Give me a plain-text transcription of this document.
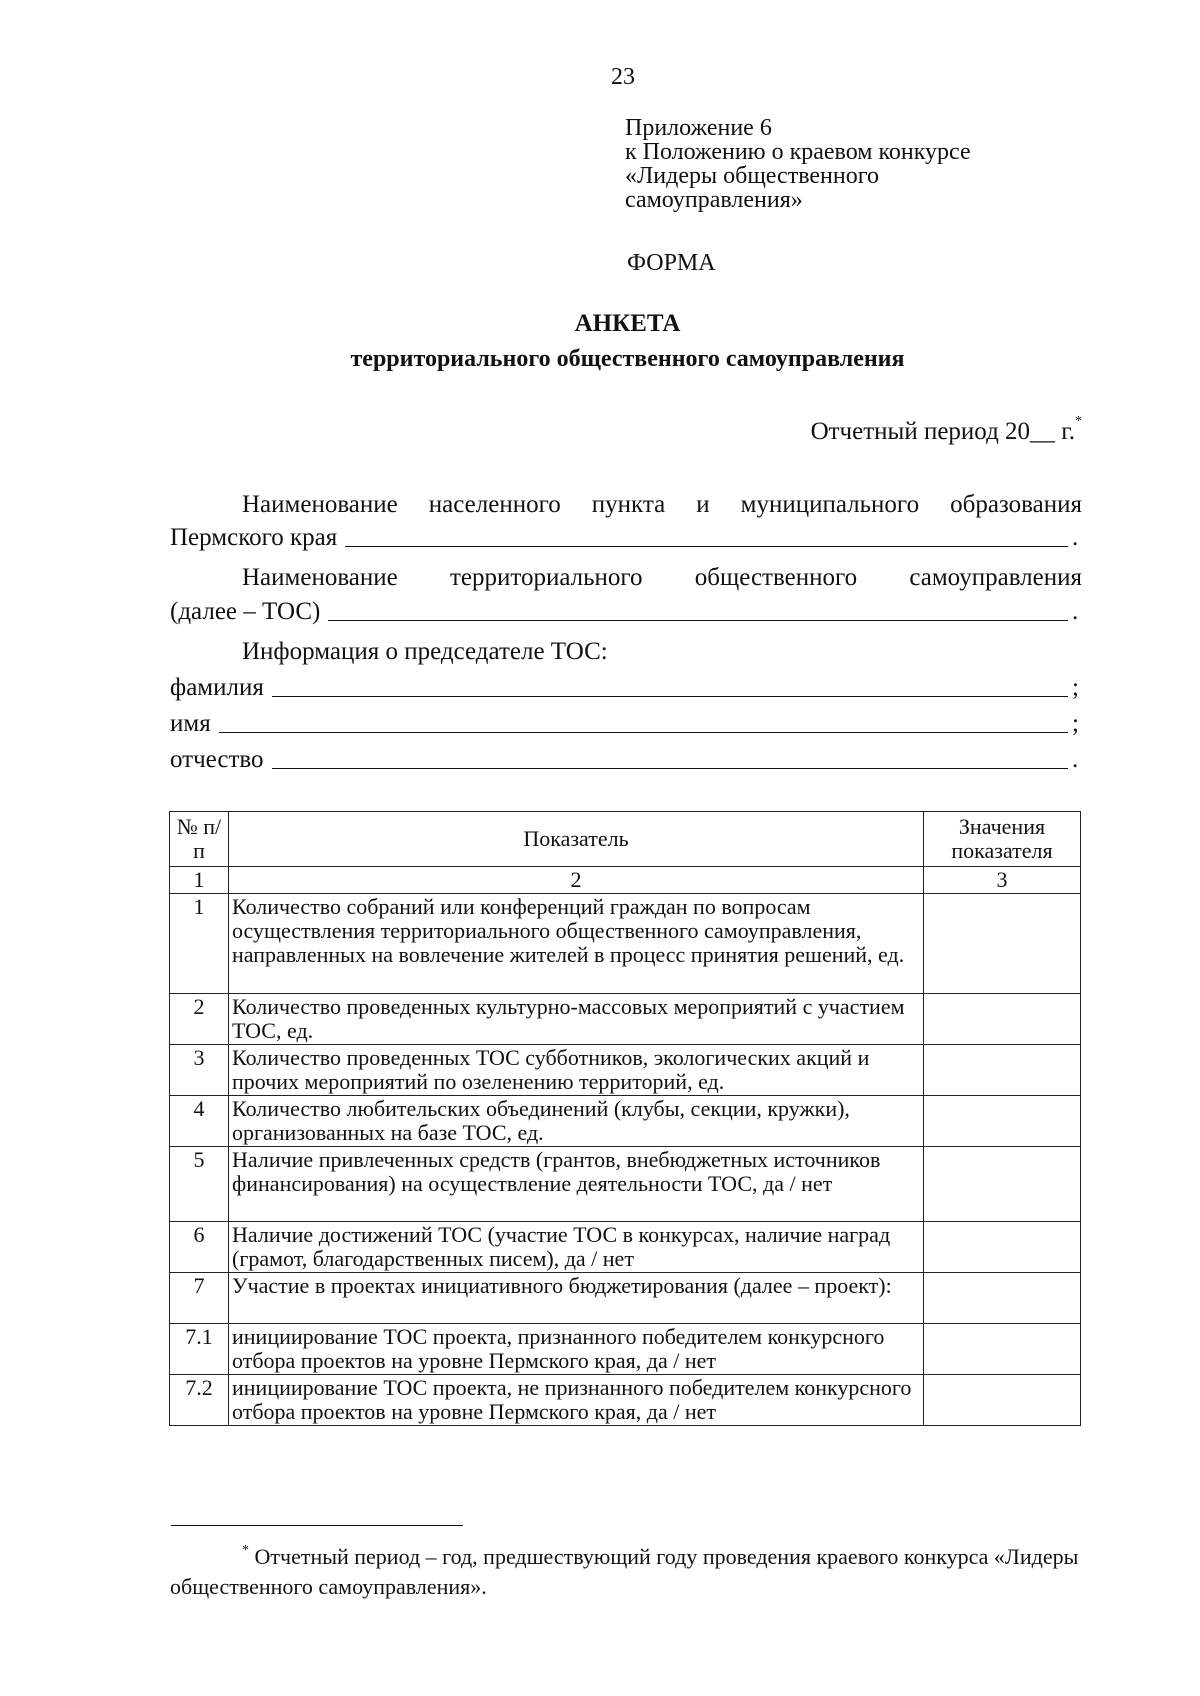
23
Приложение 6
к Положению о краевом конкурсе
«Лидеры общественного
самоуправления»
ФОРМА
АНКЕТА
территориального общественного самоуправления
Отчетный период 20__ г.*
Наименование населенного пункта и муниципального образования
Пермского края	.
Наименование территориального общественного самоуправления
(далее – ТОС)	.
Информация о председателе ТОС:
фамилия	;
имя	;
отчество	.
№ п/п	Показатель	Значения показателя
1	2	3
1	Количество собраний или конференций граждан по вопросам осуществления территориального общественного самоуправления, направленных на вовлечение жителей в процесс принятия решений, ед.	
2	Количество проведенных культурно-массовых мероприятий с участием ТОС, ед.	
3	Количество проведенных ТОС субботников, экологических акций и прочих мероприятий по озеленению территорий, ед.	
4	Количество любительских объединений (клубы, секции, кружки), организованных на базе ТОС, ед.	
5	Наличие привлеченных средств (грантов, внебюджетных источников финансирования) на осуществление деятельности ТОС, да / нет	
6	Наличие достижений ТОС (участие ТОС в конкурсах, наличие наград (грамот, благодарственных писем), да / нет	
7	Участие в проектах инициативного бюджетирования (далее – проект):	
7.1	инициирование ТОС проекта, признанного победителем конкурсного отбора проектов на уровне Пермского края, да / нет	
7.2	инициирование ТОС проекта, не признанного победителем конкурсного отбора проектов на уровне Пермского края, да / нет	
* Отчетный период – год, предшествующий году проведения краевого конкурса «Лидеры общественного самоуправления».
